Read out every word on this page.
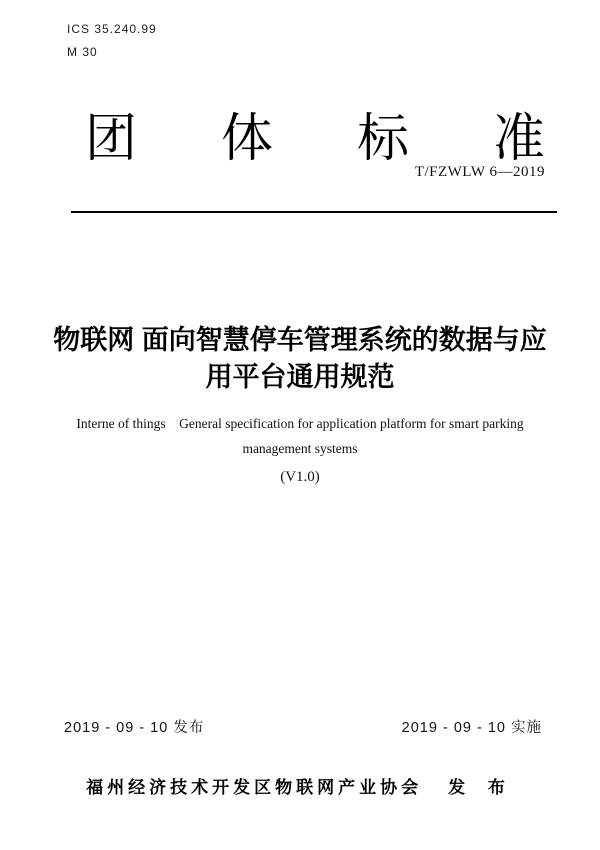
ICS 35.240.99
M 30
团 体 标 准
T/FZWLW 6—2019
物联网 面向智慧停车管理系统的数据与应
用平台通用规范
Interne of things    General specification for application platform for smart parking
management systems
(V1.0)
2019 - 09 - 10 发布	2019 - 09 - 10 实施
福州经济技术开发区物联网产业协会 发 布
